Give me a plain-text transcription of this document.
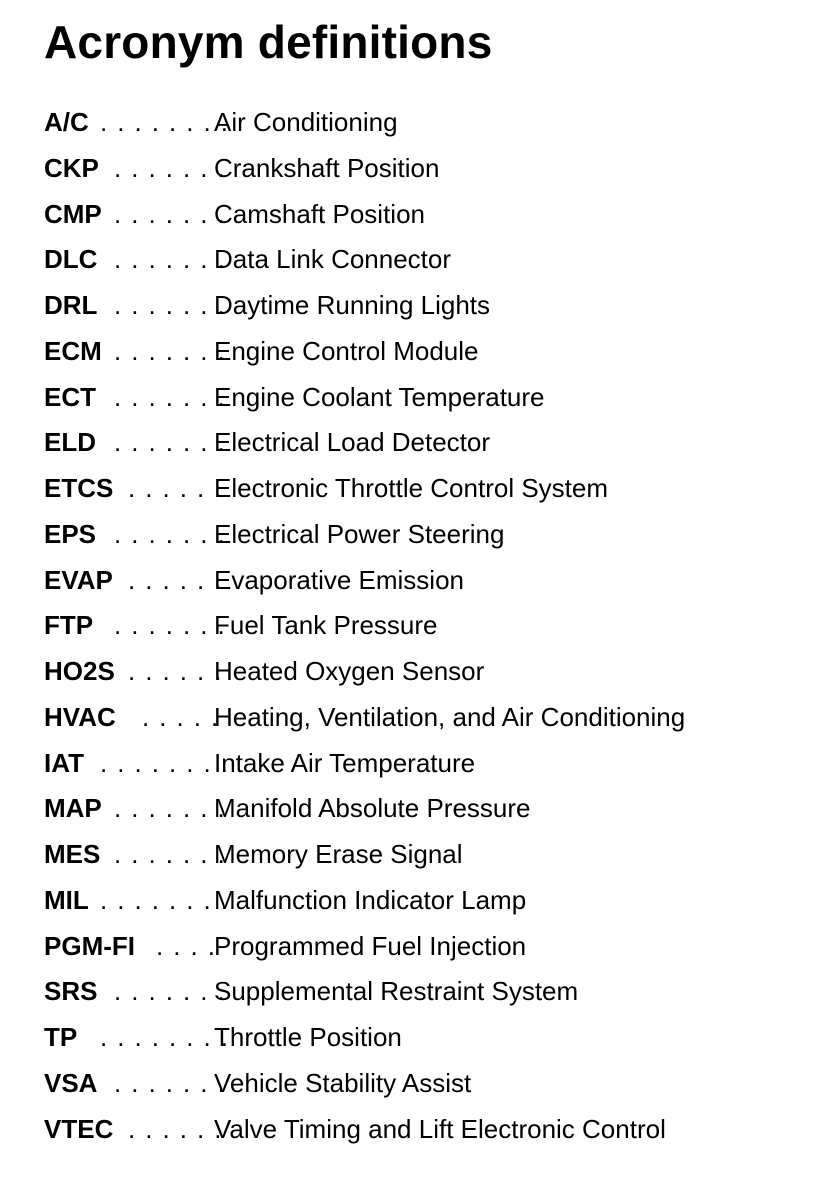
Acronym definitions
A/C . . . . . . . .
Air Conditioning
CKP . . . . . . .
Crankshaft Position
CMP . . . . . . .
Camshaft Position
DLC . . . . . . .
Data Link Connector
DRL . . . . . . .
Daytime Running Lights
ECM . . . . . . .
Engine Control Module
ECT . . . . . . .
Engine Coolant Temperature
ELD . . . . . . .
Electrical Load Detector
ETCS . . . . . .
Electronic Throttle Control System
EPS . . . . . . .
Electrical Power Steering
EVAP . . . . . .
Evaporative Emission
FTP . . . . . . .
Fuel Tank Pressure
HO2S . . . . . .
Heated Oxygen Sensor
HVAC . . . . .
Heating, Ventilation, and Air Conditioning
IAT . . . . . . . .
Intake Air Temperature
MAP . . . . . . .
Manifold Absolute Pressure
MES . . . . . . .
Memory Erase Signal
MIL . . . . . . . .
Malfunction Indicator Lamp
PGM-FI . . . .
Programmed Fuel Injection
SRS . . . . . . .
Supplemental Restraint System
TP . . . . . . . .
Throttle Position
VSA . . . . . . .
Vehicle Stability Assist
VTEC . . . . . .
Valve Timing and Lift Electronic Control
